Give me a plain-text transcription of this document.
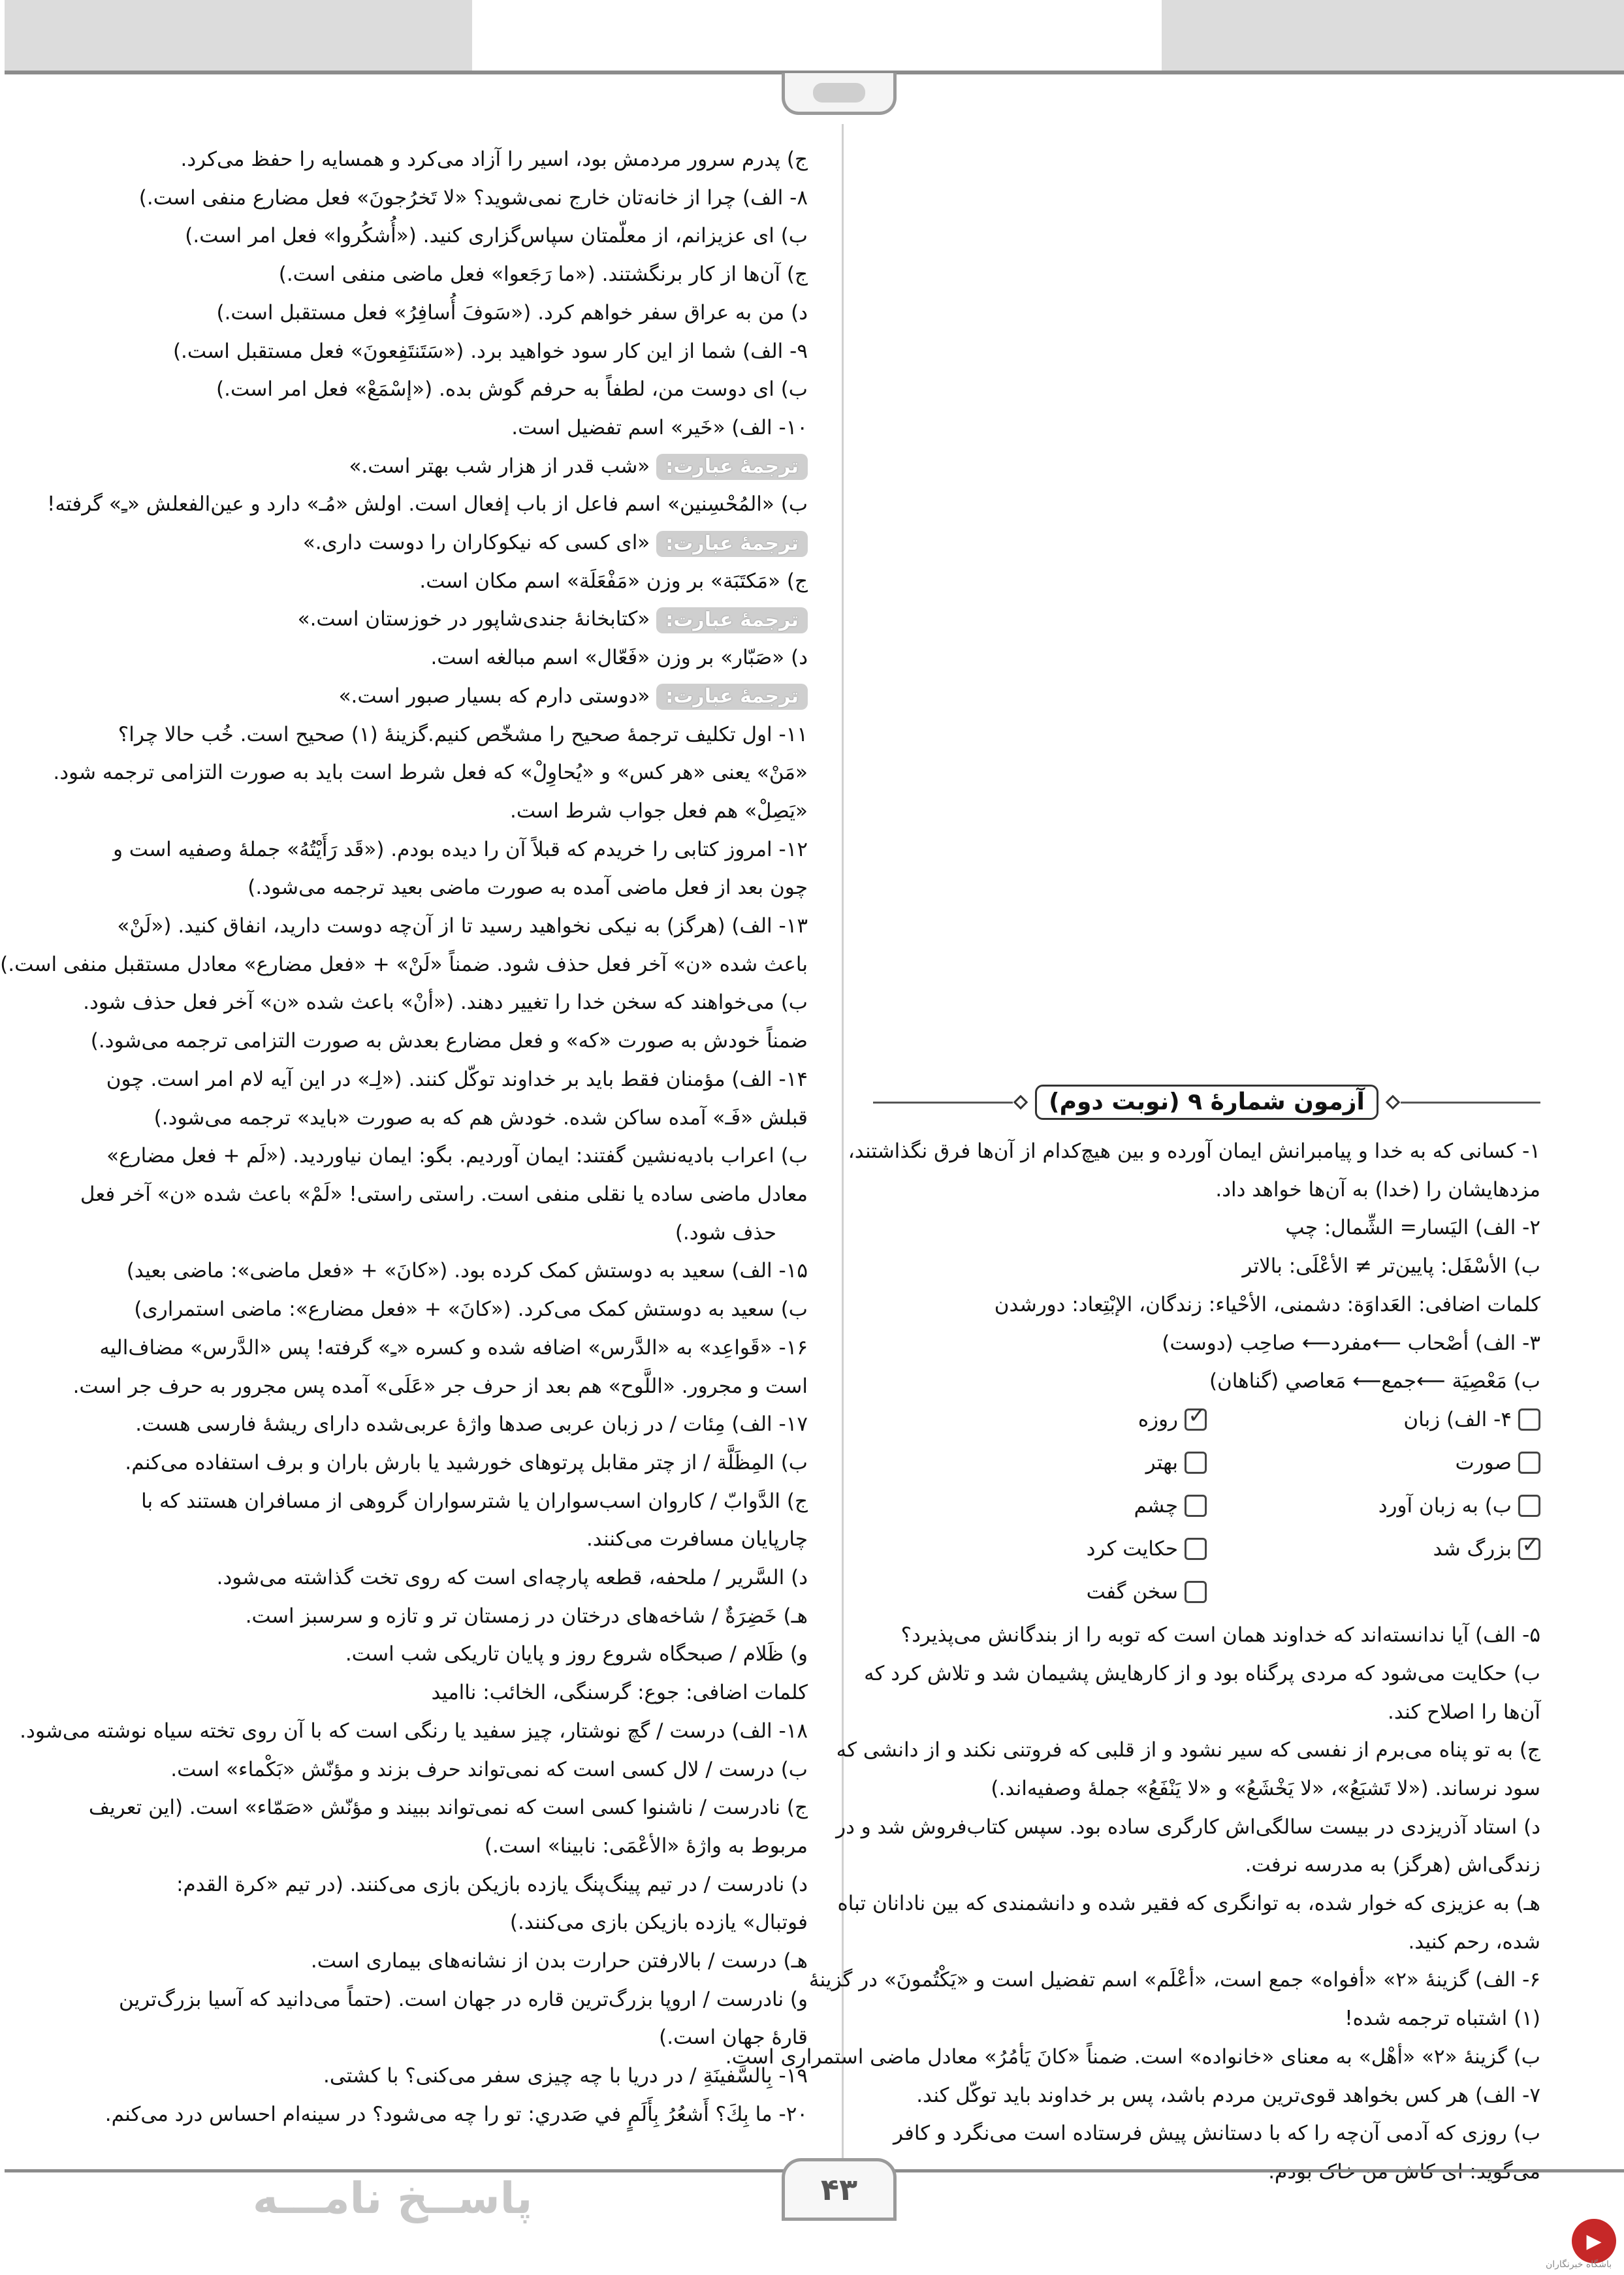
ج) پدرم سرور مردمش بود، اسیر را آزاد می‌کرد و همسایه را حفظ می‌کرد.
۸- الف) چرا از خانه‌تان خارج نمی‌شوید؟ «لا تَخرُجونَ» فعل مضارع منفی است.)
ب) ای عزیزانم، از معلّمتان سپاس‌گزاری کنید. («أُشکُروا» فعل امر است.)
ج) آن‌ها از کار برنگشتند. («ما رَجَعوا» فعل ماضی منفی است.)
د) من به عراق سفر خواهم کرد. («سَوفَ أُسافِرُ» فعل مستقبل است.)
۹- الف) شما از این کار سود خواهید برد. («سَتَنتَفِعونَ» فعل مستقبل است.)
ب) ای دوست من، لطفاً به حرفم گوش بده. («إسْمَعْ» فعل امر است.)
۱۰- الف) «خَیر» اسم تفضیل است.
ترجمهٔ عبارت:«شب قدر از هزار شب بهتر است.»
ب) «المُحْسِنین» اسم فاعل از باب إفعال است. اولش «مُـ» دارد و عین‌الفعلش «ـِ» گرفته!
ترجمهٔ عبارت:«ای کسی که نیکوکاران را دوست داری.»
ج) «مَکتَبَة» بر وزن «مَفْعَلَة» اسم مکان است.
ترجمهٔ عبارت:«کتابخانهٔ جندی‌شاپور در خوزستان است.»
د) «صَبّار» بر وزن «فَعّال» اسم مبالغه است.
ترجمهٔ عبارت:«دوستی دارم که بسیار صبور است.»
۱۱- اول تکلیف ترجمهٔ صحیح را مشخّص کنیم.گزینهٔ (۱) صحیح است. خُب حالا چرا؟
«مَنْ» یعنی «هر کس» و «یُحاوِلْ» که فعل شرط است باید به صورت التزامی ترجمه شود.
«یَصِلْ» هم فعل جواب شرط است.
۱۲- امروز کتابی را خریدم که قبلاً آن را دیده بودم. («قَد رَأَیْتُهُ» جملهٔ وصفیه است و
چون بعد از فعل ماضی آمده به صورت ماضی بعید ترجمه می‌شود.)
۱۳- الف) (هرگز) به نیکی نخواهید رسید تا از آن‌چه دوست دارید، انفاق کنید. («لَنْ»
باعث شده «ن» آخر فعل حذف شود. ضمناً «لَنْ» + «فعل مضارع» معادل مستقبل منفی است.)
ب) می‌خواهند که سخن خدا را تغییر دهند. («أنْ» باعث شده «ن» آخر فعل حذف شود.
ضمناً خودش به صورت «که» و فعل مضارع بعدش به صورت التزامی ترجمه می‌شود.)
۱۴- الف) مؤمنان فقط باید بر خداوند توکّل کنند. («لِـ» در این آیه لام امر است. چون
قبلش «فَـ» آمده ساکن شده. خودش هم که به صورت «باید» ترجمه می‌شود.)
ب) اعراب بادیه‌نشین گفتند: ایمان آوردیم. بگو: ایمان نیاوردید. («لَم + فعل مضارع»
معادل ماضی ساده یا نقلی منفی است. راستی راستی! «لَمْ» باعث شده «ن» آخر فعل
حذف شود.)
۱۵- الف) سعید به دوستش کمک کرده بود. («کانَ» + «فعل ماضی»: ماضی بعید)
ب) سعید به دوستش کمک می‌کرد. («کانَ» + «فعل مضارع»: ماضی استمراری)
۱۶- «قَواعِد» به «الدَّرس» اضافه شده و کسره «ـِ» گرفته! پس «الدَّرس» مضاف‌الیه
است و مجرور. «اللَّوح» هم بعد از حرف جر «عَلَی» آمده پس مجرور به حرف جر است.
۱۷- الف) مِئات / در زبان عربی صدها واژهٔ عربی‌شده دارای ریشهٔ فارسی هست.
ب) المِظَلَّة / از چتر مقابل پرتوهای خورشید یا بارش باران و برف استفاده می‌کنم.
ج) الدَّوابّ / کاروان اسب‌سواران یا شترسواران گروهی از مسافران هستند که با
چارپایان مسافرت می‌کنند.
د) السَّریر / ملحفه، قطعه پارچه‌ای است که روی تخت گذاشته می‌شود.
هـ) خَضِرَةٌ / شاخه‌های درختان در زمستان تر و تازه و سرسبز است.
و) ظَلام / صبحگاه شروع روز و پایان تاریکی شب است.
کلمات اضافی: جوع: گرسنگی، الخائب: ناامید
۱۸- الف) درست / گچ نوشتار، چیز سفید یا رنگی است که با آن روی تخته سیاه نوشته می‌شود.
ب) درست / لال کسی است که نمی‌تواند حرف بزند و مؤنّش «بَکْماء» است.
ج) نادرست / ناشنوا کسی است که نمی‌تواند ببیند و مؤنّش «صَمّاء» است. (این تعریف
مربوط به واژهٔ «الأعْمَی: نابینا» است.)
د) نادرست / در تیم پینگ‌پنگ یازده بازیکن بازی می‌کنند. (در تیم «کرة القدم:
فوتبال» یازده بازیکن بازی می‌کنند.)
هـ) درست / بالارفتن حرارت بدن از نشانه‌های بیماری است.
و) نادرست / اروپا بزرگ‌ترین قاره در جهان است. (حتماً می‌دانید که آسیا بزرگ‌ترین
قارهٔ جهان است.)
۱۹- بِالسَّفینَةِ / در دریا با چه چیزی سفر می‌کنی؟ با کشتی.
۲۰- ما بِكَ؟ أَشعُرُ بِأَلَمٍ في صَدري: تو را چه می‌شود؟ در سینه‌ام احساس درد می‌کنم.
آزمون شمارهٔ ۹ (نوبت دوم)
۱- کسانی که به خدا و پیامبرانش ایمان آورده و بین هیچ‌کدام از آن‌ها فرق نگذاشتند،
مزدهایشان را (خدا) به آن‌ها خواهد داد.
۲- الف) الیَسار= الشِّمال: چپ
ب) الأسْفَل: پایین‌تر ≠ الأعْلَی: بالاتر
کلمات اضافی: العَداوَة: دشمنی، الأحْیاء: زندگان، الإبْتِعاد: دورشدن
۳- الف) أصْحاب ⟵مفرد⟵ صاحِب (دوست)
ب) مَعْصِيَة ⟵جمع⟵ مَعاصي (گناهان)
۴- الف) زبان
✓
روزه
صورت
بهتر
ب) به زبان آورد
چشم
✓
بزرگ شد
حکایت کرد
سخن گفت
۵- الف) آیا ندانسته‌اند که خداوند همان است که توبه را از بندگانش می‌پذیرد؟
ب) حکایت می‌شود که مردی پرگناه بود و از کارهایش پشیمان شد و تلاش کرد که
آن‌ها را اصلاح کند.
ج) به تو پناه می‌برم از نفسی که سیر نشود و از قلبی که فروتنی نکند و از دانشی که
سود نرساند. («لا تَشبَعُ»، «لا یَخْشَعُ» و «لا یَنْفَعُ» جملهٔ وصفیه‌اند.)
د) استاد آذریزدی در بیست سالگی‌اش کارگری ساده بود. سپس کتاب‌فروش شد و در
زندگی‌اش (هرگز) به مدرسه نرفت.
هـ) به عزیزی که خوار شده، به توانگری که فقیر شده و دانشمندی که بین نادانان تباه
شده، رحم کنید.
۶- الف) گزینهٔ «۲» «أفواه» جمع است، «أعْلَم» اسم تفضیل است و «یَکْتُمونَ» در گزینهٔ
(۱) اشتباه ترجمه شده!
ب) گزینهٔ «۲» «أهْل» به معنای «خانواده» است. ضمناً «کانَ یَأمُرُ» معادل ماضی استمراری است.
۷- الف) هر کس بخواهد قوی‌ترین مردم باشد، پس بر خداوند باید توکّل کند.
ب) روزی که آدمی آن‌چه را که با دستانش پیش فرستاده است می‌نگرد و کافر
۴۳
پاســخ نامـــه
▶
باشگاه خبرنگاران
